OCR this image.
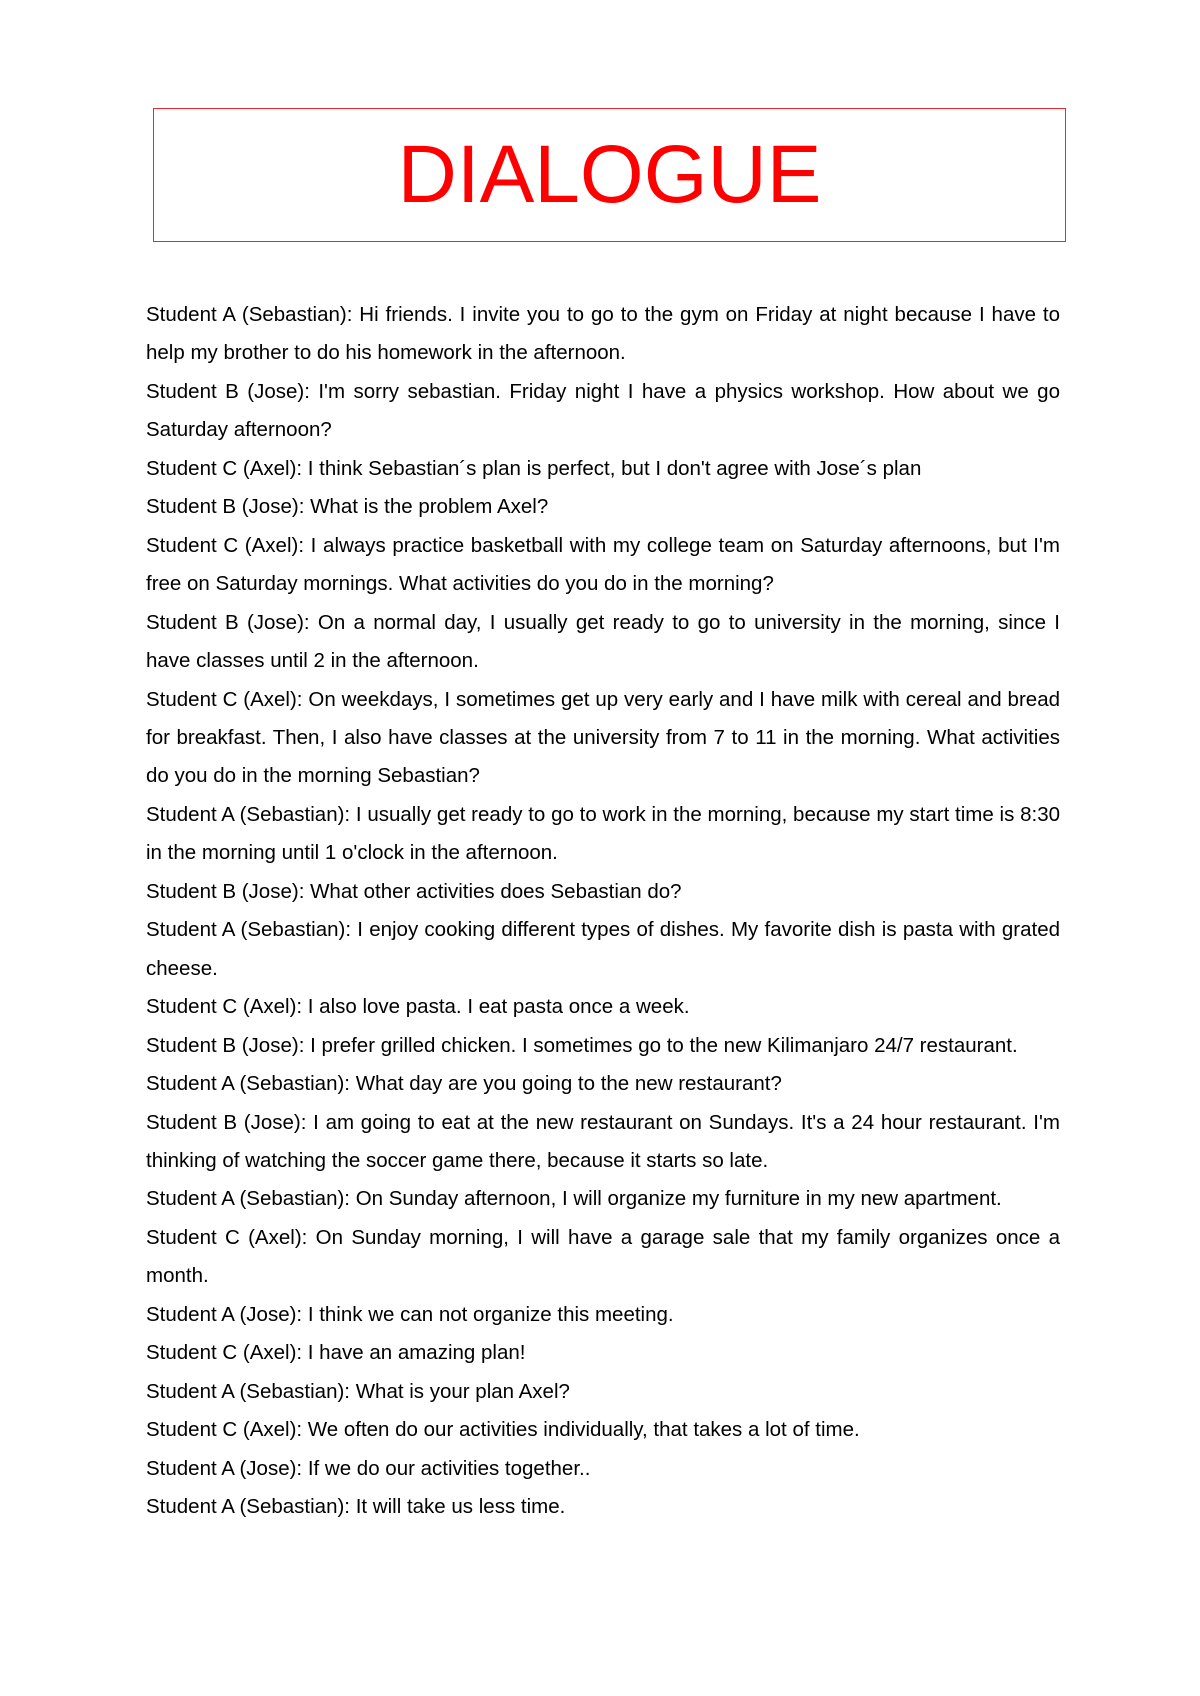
DIALOGUE

Student A (Sebastian): Hi friends. I invite you to go to the gym on Friday at night because I have to help my brother to do his homework in the afternoon.

Student B (Jose): I'm sorry sebastian. Friday night I have a physics workshop. How about we go Saturday afternoon?

Student C (Axel): I think Sebastian´s plan is perfect, but I don't agree with Jose´s plan

Student B (Jose): What is the problem Axel?

Student C (Axel): I always practice basketball with my college team on Saturday afternoons, but I'm free on Saturday mornings. What activities do you do in the morning?

Student B (Jose): On a normal day, I usually get ready to go to university in the morning, since I have classes until 2 in the afternoon.

Student C (Axel): On weekdays, I sometimes get up very early and I have milk with cereal and bread for breakfast. Then, I also have classes at the university from 7 to 11 in the morning. What activities do you do in the morning Sebastian?

Student A (Sebastian): I usually get ready to go to work in the morning, because my start time is 8:30 in the morning until 1 o'clock in the afternoon.

Student B (Jose): What other activities does Sebastian do?

Student A (Sebastian): I enjoy cooking different types of dishes. My favorite dish is pasta with grated cheese.

Student C (Axel): I also love pasta. I eat pasta once a week.

Student B (Jose): I prefer grilled chicken. I sometimes go to the new Kilimanjaro 24/7 restaurant.

Student A (Sebastian): What day are you going to the new restaurant?

Student B (Jose): I am going to eat at the new restaurant on Sundays. It's a 24 hour restaurant. I'm thinking of watching the soccer game there, because it starts so late.

Student A (Sebastian): On Sunday afternoon, I will organize my furniture in my new apartment.

Student C (Axel): On Sunday morning, I will have a garage sale that my family organizes once a month.

Student A (Jose): I think we can not organize this meeting.

Student C (Axel): I have an amazing plan!

Student A (Sebastian): What is your plan Axel?

Student C (Axel): We often do our activities individually, that takes a lot of time.

Student A (Jose): If we do our activities together..

Student A (Sebastian): It will take us less time.
